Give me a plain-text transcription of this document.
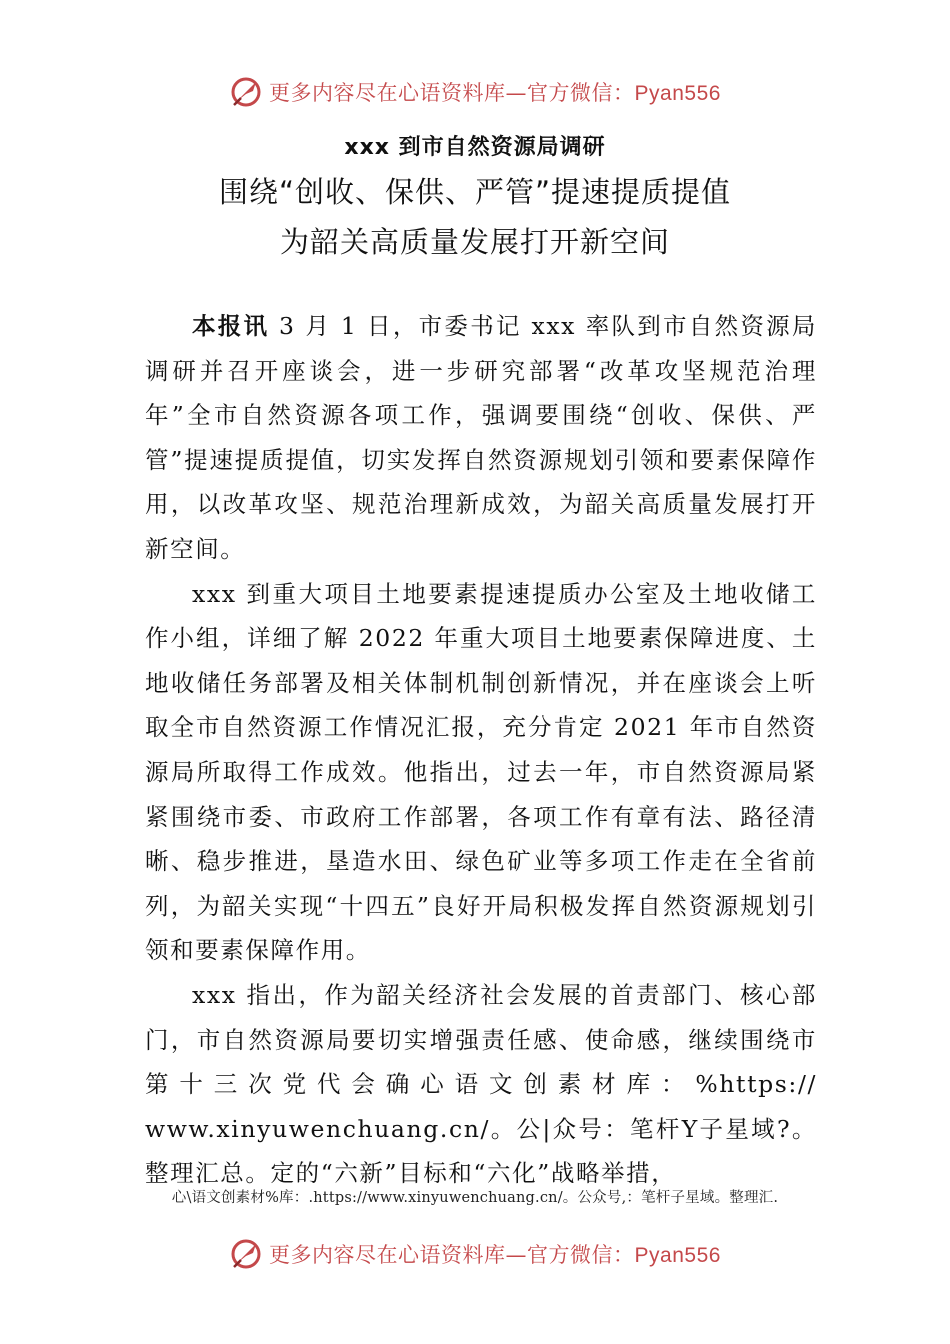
更多内容尽在心语资料库—官方微信：Pyan556
xxx 到市自然资源局调研
围绕“创收、保供、严管”提速提质提值
为韶关高质量发展打开新空间

本报讯 3 月 1 日，市委书记 xxx 率队到市自然资源局调研并召开座谈会，进一步研究部署“改革攻坚规范治理年”全市自然资源各项工作，强调要围绕“创收、保供、严管”提速提质提值，切实发挥自然资源规划引领和要素保障作用，以改革攻坚、规范治理新成效，为韶关高质量发展打开新空间。

xxx 到重大项目土地要素提速提质办公室及土地收储工作小组，详细了解 2022 年重大项目土地要素保障进度、土地收储任务部署及相关体制机制创新情况，并在座谈会上听取全市自然资源工作情况汇报，充分肯定 2021 年市自然资源局所取得工作成效。他指出，过去一年，市自然资源局紧紧围绕市委、市政府工作部署，各项工作有章有法、路径清晰、稳步推进，垦造水田、绿色矿业等多项工作走在全省前列，为韶关实现“十四五”良好开局积极发挥自然资源规划引领和要素保障作用。

xxx 指出，作为韶关经济社会发展的首责部门、核心部门，市自然资源局要切实增强责任感、使命感，继续围绕市

第十三次党代会确心语文创素材库：%https://

www.xinyuwenchuang.cn/。公|众号：笔杆Y子星域?。整理汇总。定的“六新”目标和“六化”战略举措，

心\语文创素材%库：.https://www.xinyuwenchuang.cn/。公众号,：笔杆子星域。整理汇.
更多内容尽在心语资料库—官方微信：Pyan556
